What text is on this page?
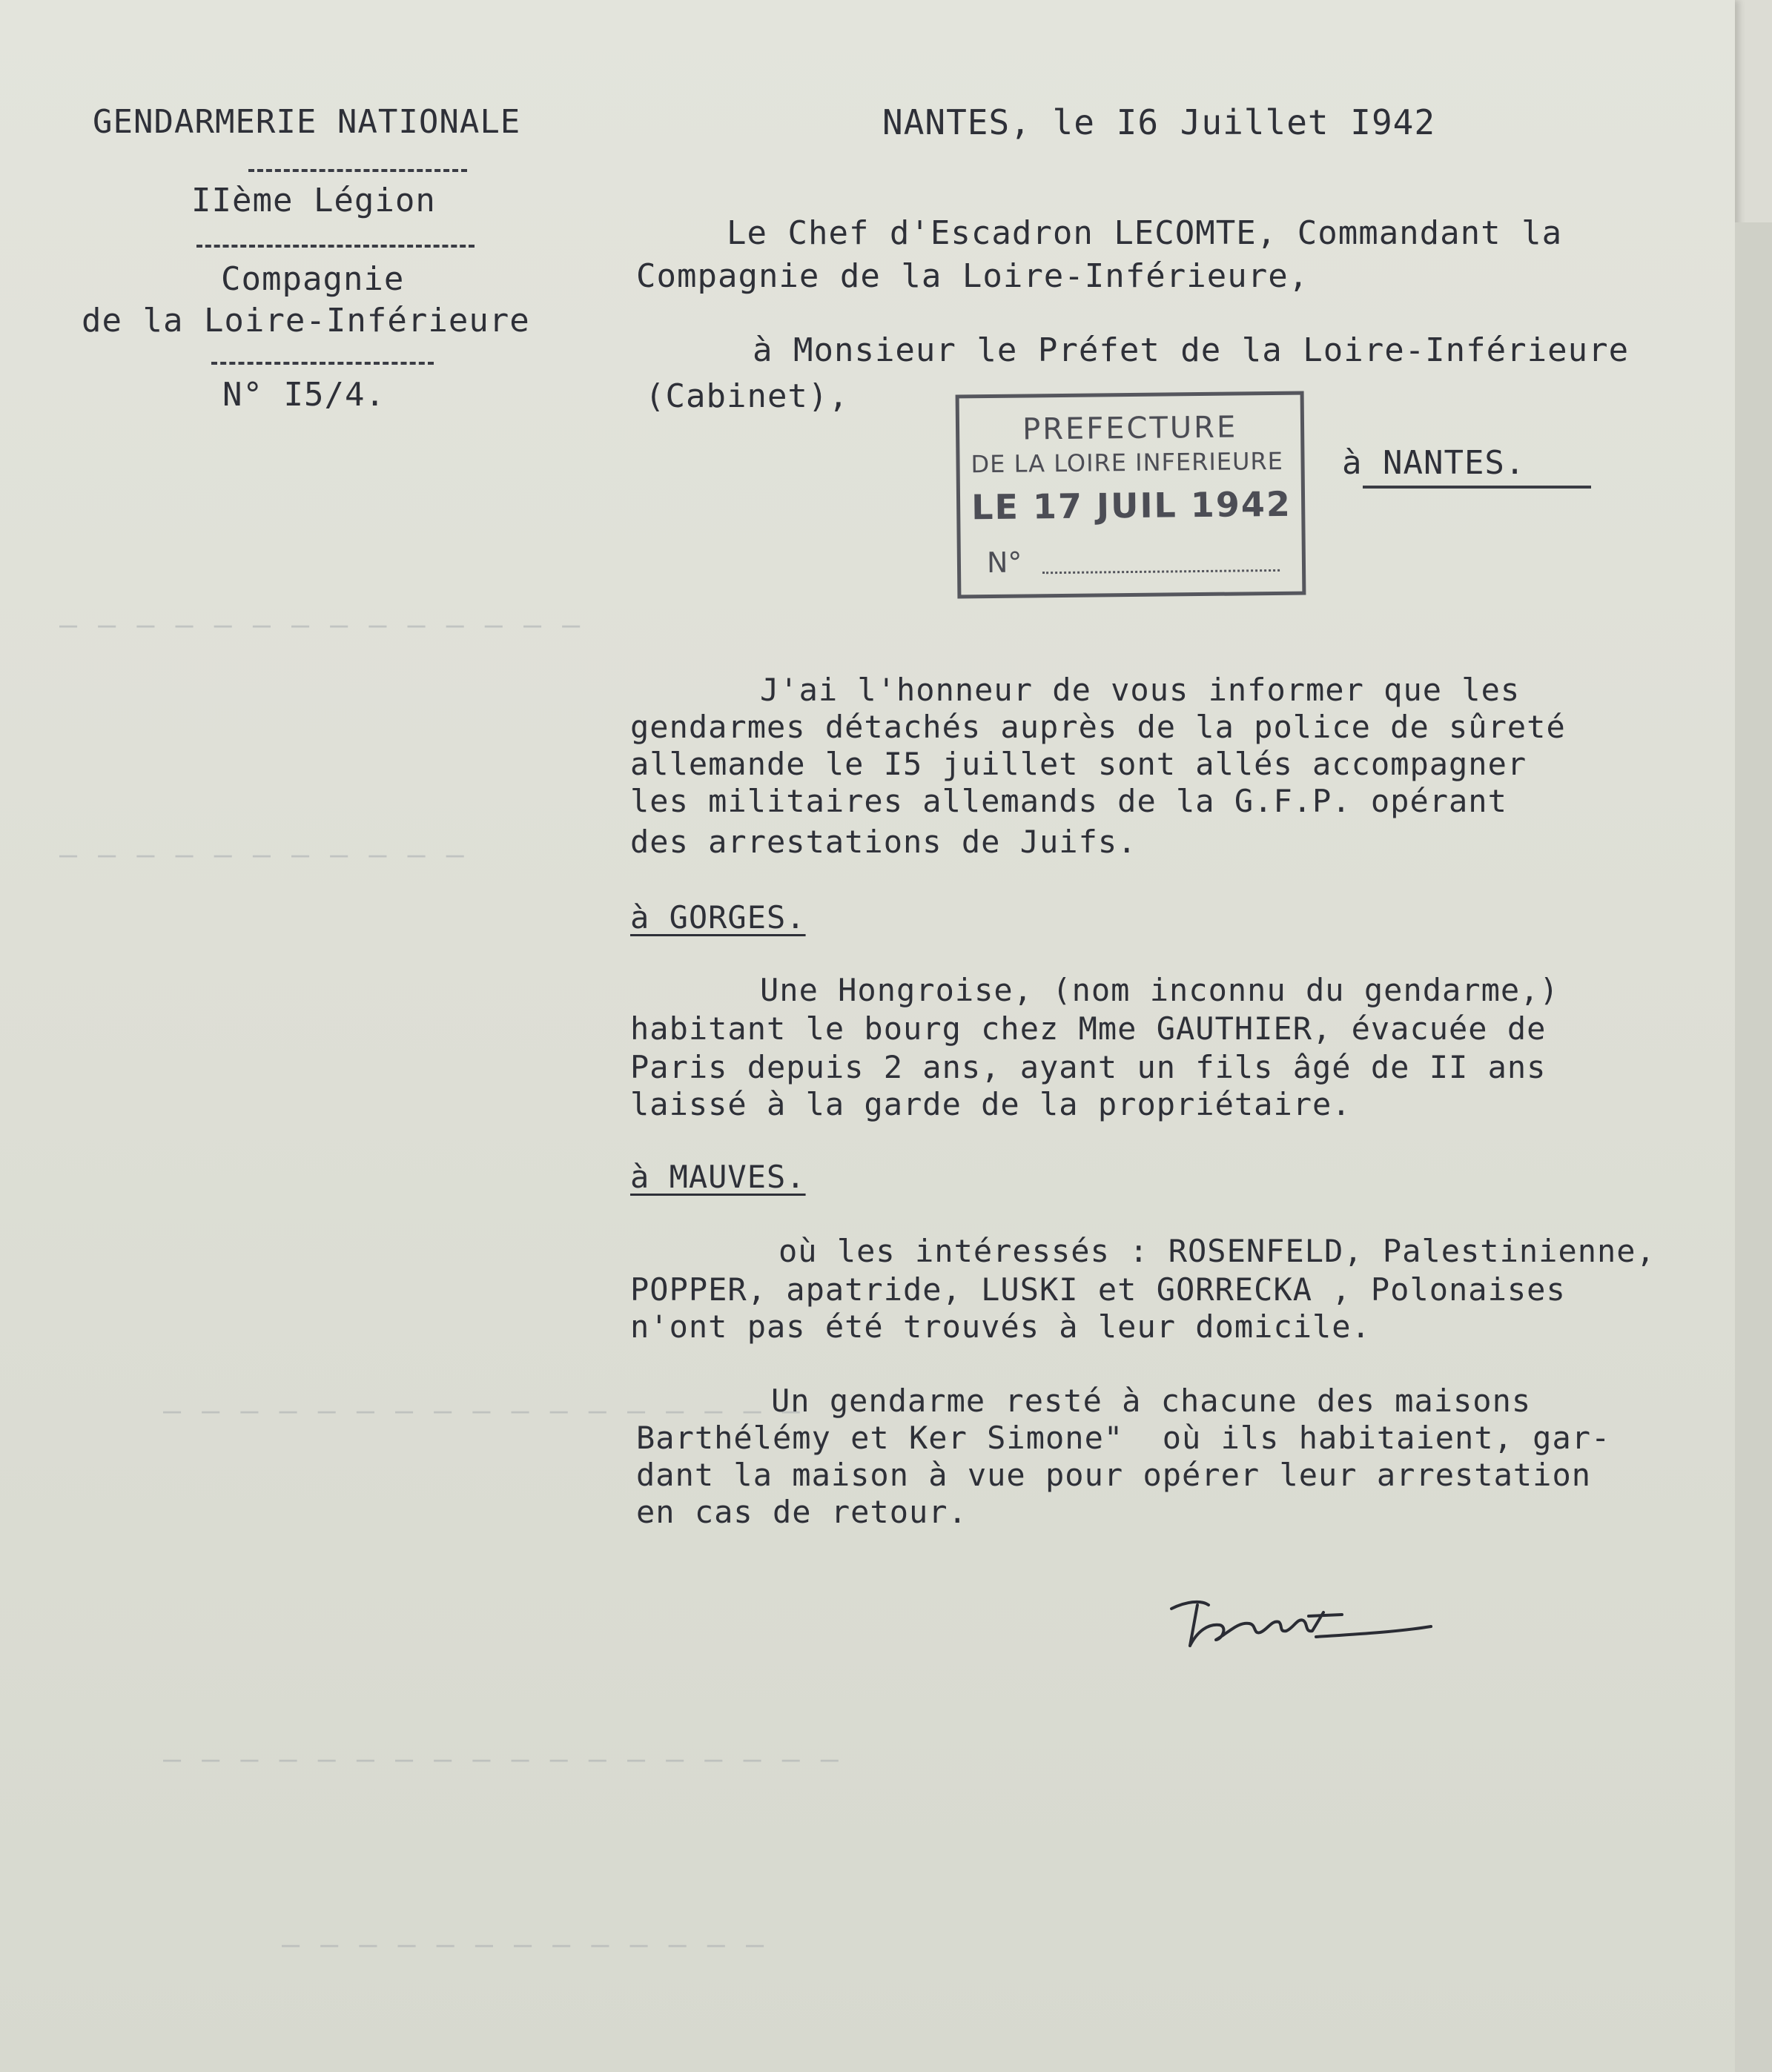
‒ ‒ ‒ ‒ ‒ ‒ ‒ ‒ ‒ ‒ ‒ ‒ ‒ ‒
‒ ‒ ‒ ‒ ‒ ‒ ‒ ‒ ‒ ‒ ‒
‒ ‒ ‒ ‒ ‒ ‒ ‒ ‒ ‒ ‒ ‒ ‒ ‒ ‒ ‒ ‒ ‒
‒ ‒ ‒ ‒ ‒ ‒ ‒ ‒ ‒ ‒ ‒ ‒ ‒ ‒ ‒ ‒ ‒ ‒
‒ ‒ ‒ ‒ ‒ ‒ ‒ ‒ ‒ ‒ ‒ ‒ ‒
GENDARMERIE NATIONALE
IIème Légion
Compagnie
de la Loire-Inférieure
N° I5/4.
NANTES, le I6 Juillet I942
Le Chef d'Escadron LECOMTE, Commandant la
Compagnie de la Loire-Inférieure,
à Monsieur le Préfet de la Loire-Inférieure
(Cabinet),
à NANTES.
PREFECTURE
DE LA LOIRE INFERIEURE
LE 17 JUIL 1942
N°
J'ai l'honneur de vous informer que les
gendarmes détachés auprès de la police de sûreté
allemande le I5 juillet sont allés accompagner
les militaires allemands de la G.F.P. opérant
des arrestations de Juifs.
à GORGES.
Une Hongroise, (nom inconnu du gendarme,)
habitant le bourg chez Mme GAUTHIER, évacuée de
Paris depuis 2 ans, ayant un fils âgé de II ans
laissé à la garde de la propriétaire.
à MAUVES.
où les intéressés : ROSENFELD, Palestinienne,
POPPER, apatride, LUSKI et GORRECKA , Polonaises
n'ont pas été trouvés à leur domicile.
Un gendarme resté à chacune des maisons
Barthélémy et Ker Simone"  où ils habitaient, gar-
dant la maison à vue pour opérer leur arrestation
en cas de retour.
